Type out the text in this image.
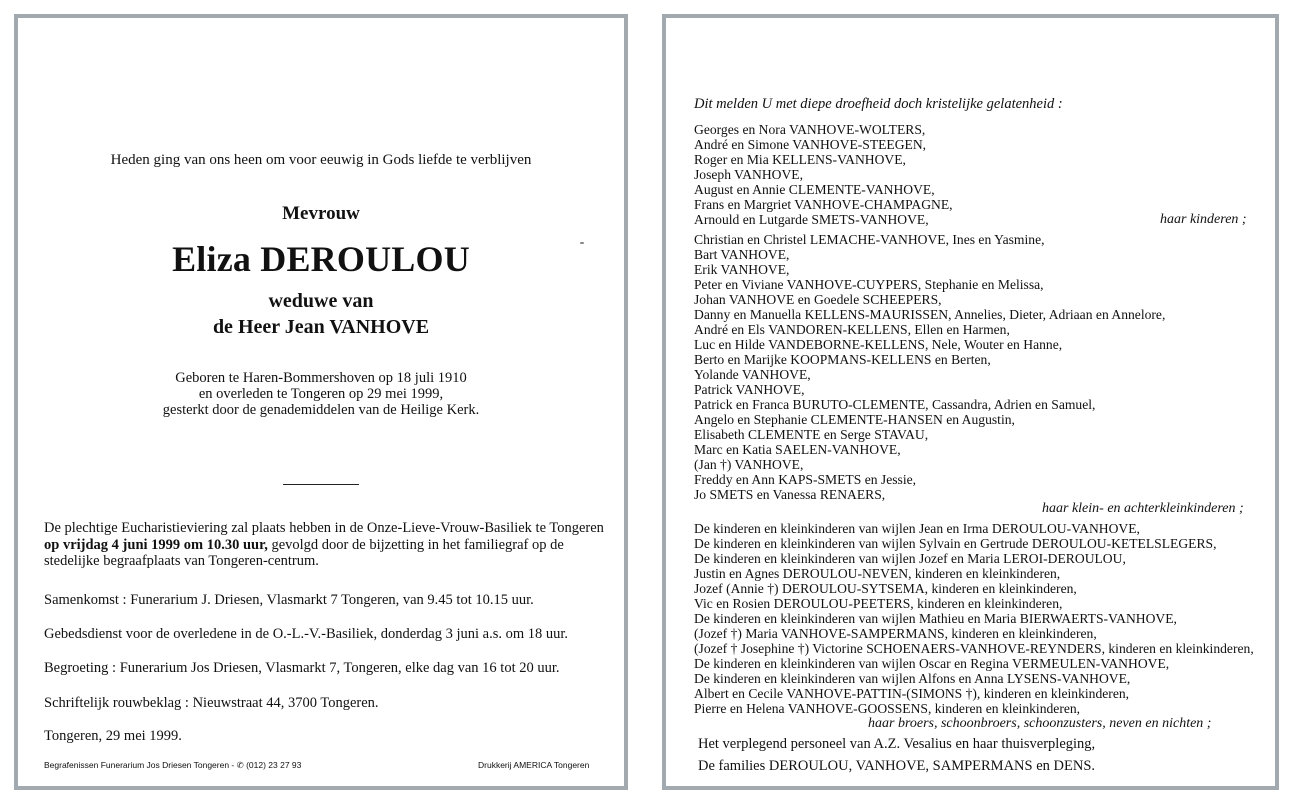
Heden ging van ons heen om voor eeuwig in Gods liefde te verblijven
Mevrouw
Eliza DEROULOU
weduwe van
de Heer Jean VANHOVE
Geboren te Haren-Bommershoven op 18 juli 1910
en overleden te Tongeren op 29 mei 1999,
gesterkt door de genademiddelen van de Heilige Kerk.
De plechtige Eucharistieviering zal plaats hebben in de Onze-Lieve-Vrouw-Basiliek te Tongeren op vrijdag 4 juni 1999 om 10.30 uur, gevolgd door de bijzetting in het familiegraf op de stedelijke begraafplaats van Tongeren-centrum.
Samenkomst : Funerarium J. Driesen, Vlasmarkt 7 Tongeren, van 9.45 tot 10.15 uur.
Gebedsdienst voor de overledene in de O.-L.-V.-Basiliek, donderdag 3 juni a.s. om 18 uur.
Begroeting : Funerarium Jos Driesen, Vlasmarkt 7, Tongeren, elke dag van 16 tot 20 uur.
Schriftelijk rouwbeklag : Nieuwstraat 44, 3700 Tongeren.
Tongeren, 29 mei 1999.
Begrafenissen Funerarium Jos Driesen Tongeren - ✆ (012) 23 27 93	Drukkerij AMERICA Tongeren
Dit melden U met diepe droefheid doch kristelijke gelatenheid :
Georges en Nora VANHOVE-WOLTERS,
André en Simone VANHOVE-STEEGEN,
Roger en Mia KELLENS-VANHOVE,
Joseph VANHOVE,
August en Annie CLEMENTE-VANHOVE,
Frans en Margriet VANHOVE-CHAMPAGNE,
Arnould en Lutgarde SMETS-VANHOVE,	haar kinderen ;
Christian en Christel LEMACHE-VANHOVE, Ines en Yasmine,
Bart VANHOVE,
Erik VANHOVE,
Peter en Viviane VANHOVE-CUYPERS, Stephanie en Melissa,
Johan VANHOVE en Goedele SCHEEPERS,
Danny en Manuella KELLENS-MAURISSEN, Annelies, Dieter, Adriaan en Annelore,
André en Els VANDOREN-KELLENS, Ellen en Harmen,
Luc en Hilde VANDEBORNE-KELLENS, Nele, Wouter en Hanne,
Berto en Marijke KOOPMANS-KELLENS en Berten,
Yolande VANHOVE,
Patrick VANHOVE,
Patrick en Franca BURUTO-CLEMENTE, Cassandra, Adrien en Samuel,
Angelo en Stephanie CLEMENTE-HANSEN en Augustin,
Elisabeth CLEMENTE en Serge STAVAU,
Marc en Katia SAELEN-VANHOVE,
(Jan †) VANHOVE,
Freddy en Ann KAPS-SMETS en Jessie,
Jo SMETS en Vanessa RENAERS,
haar klein- en achterkleinkinderen ;
De kinderen en kleinkinderen van wijlen Jean en Irma DEROULOU-VANHOVE,
De kinderen en kleinkinderen van wijlen Sylvain en Gertrude DEROULOU-KETELSLEGERS,
De kinderen en kleinkinderen van wijlen Jozef en Maria LEROI-DEROULOU,
Justin en Agnes DEROULOU-NEVEN, kinderen en kleinkinderen,
Jozef (Annie †) DEROULOU-SYTSEMA, kinderen en kleinkinderen,
Vic en Rosien DEROULOU-PEETERS, kinderen en kleinkinderen,
De kinderen en kleinkinderen van wijlen Mathieu en Maria BIERWAERTS-VANHOVE,
(Jozef †) Maria VANHOVE-SAMPERMANS, kinderen en kleinkinderen,
(Jozef † Josephine †) Victorine SCHOENAERS-VANHOVE-REYNDERS, kinderen en kleinkinderen,
De kinderen en kleinkinderen van wijlen Oscar en Regina VERMEULEN-VANHOVE,
De kinderen en kleinkinderen van wijlen Alfons en Anna LYSENS-VANHOVE,
Albert en Cecile VANHOVE-PATTIN-(SIMONS †), kinderen en kleinkinderen,
Pierre en Helena VANHOVE-GOOSSENS, kinderen en kleinkinderen,
haar broers, schoonbroers, schoonzusters, neven en nichten ;
Het verplegend personeel van A.Z. Vesalius en haar thuisverpleging,
De families DEROULOU, VANHOVE, SAMPERMANS en DENS.
